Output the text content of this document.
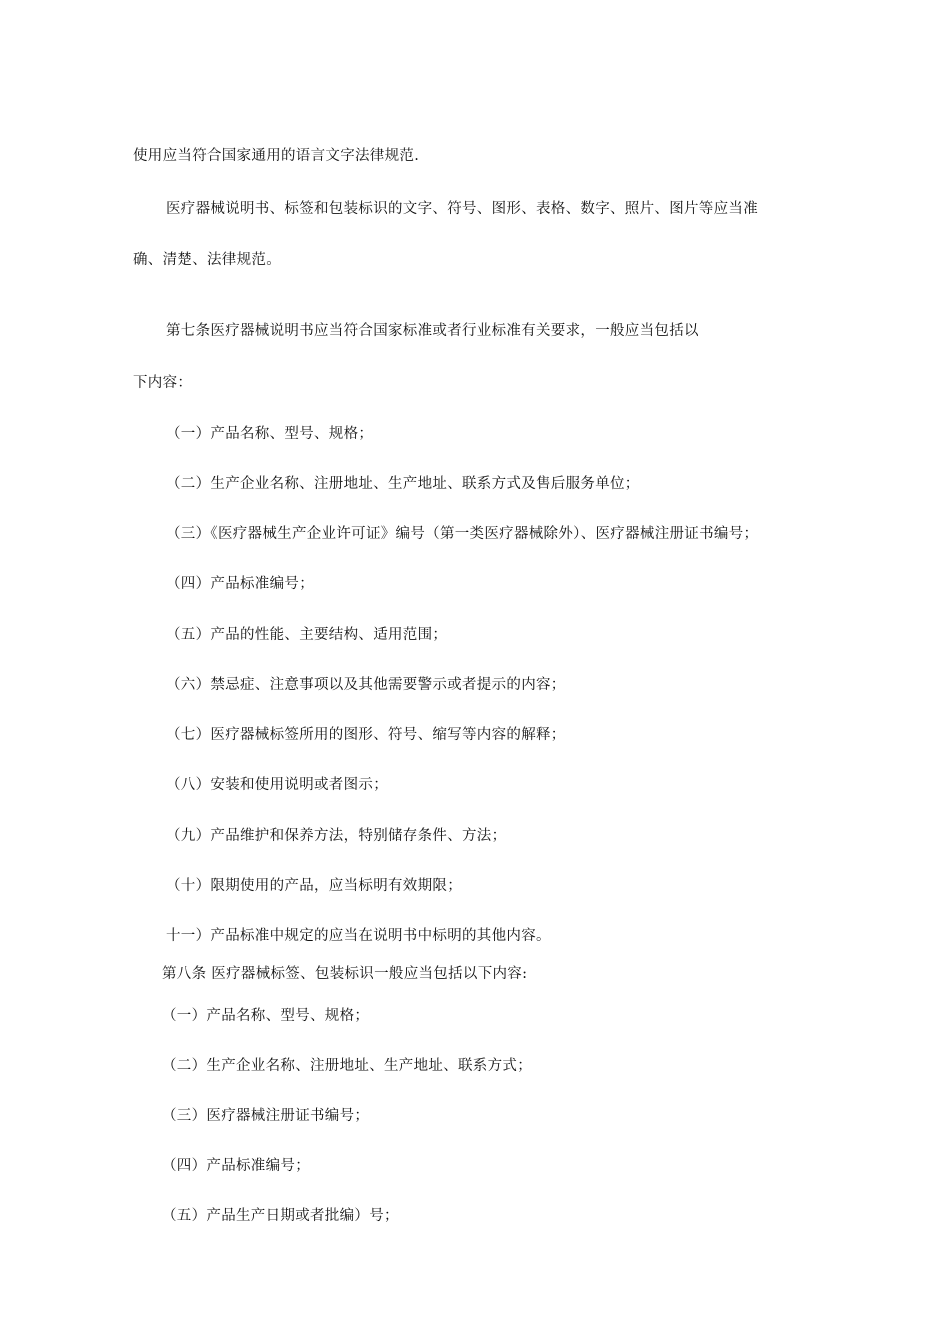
使用应当符合国家通用的语言文字法律规范.
医疗器械说明书、标签和包装标识的文字、符号、图形、表格、数字、照片、图片等应当准
确、清楚、法律规范。
第七条医疗器械说明书应当符合国家标准或者行业标准有关要求，一般应当包括以
下内容：
（一）产品名称、型号、规格；
（二）生产企业名称、注册地址、生产地址、联系方式及售后服务单位；
（三）《医疗器械生产企业许可证》编号（第一类医疗器械除外）、医疗器械注册证书编号；
（四）产品标准编号；
（五）产品的性能、主要结构、适用范围；
（六）禁忌症、注意事项以及其他需要警示或者提示的内容；
（七）医疗器械标签所用的图形、符号、缩写等内容的解释；
（八）安装和使用说明或者图示；
（九）产品维护和保养方法，特别储存条件、方法；
（十）限期使用的产品，应当标明有效期限；
十一）产品标准中规定的应当在说明书中标明的其他内容。
第八条 医疗器械标签、包装标识一般应当包括以下内容:
（一）产品名称、型号、规格；
（二）生产企业名称、注册地址、生产地址、联系方式；
（三）医疗器械注册证书编号；
（四）产品标准编号；
（五）产品生产日期或者批编）号；
